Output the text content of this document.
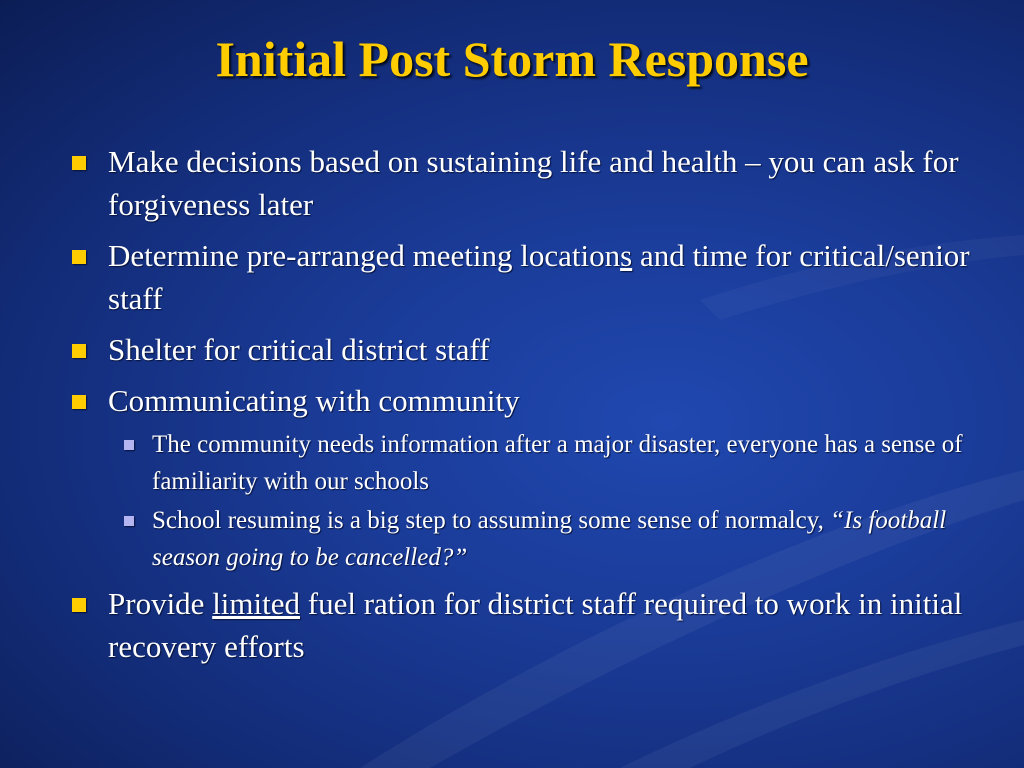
Initial Post Storm Response
Make decisions based on sustaining life and health – you can ask for forgiveness later
Determine pre-arranged meeting locations and time for critical/senior staff
Shelter for critical district staff
Communicating with community
The community needs information after a major disaster, everyone has a sense of familiarity with our schools
School resuming is a big step to assuming some sense of normalcy, “Is football season going to be cancelled?”
Provide limited fuel ration for district staff required to work in initial recovery efforts
